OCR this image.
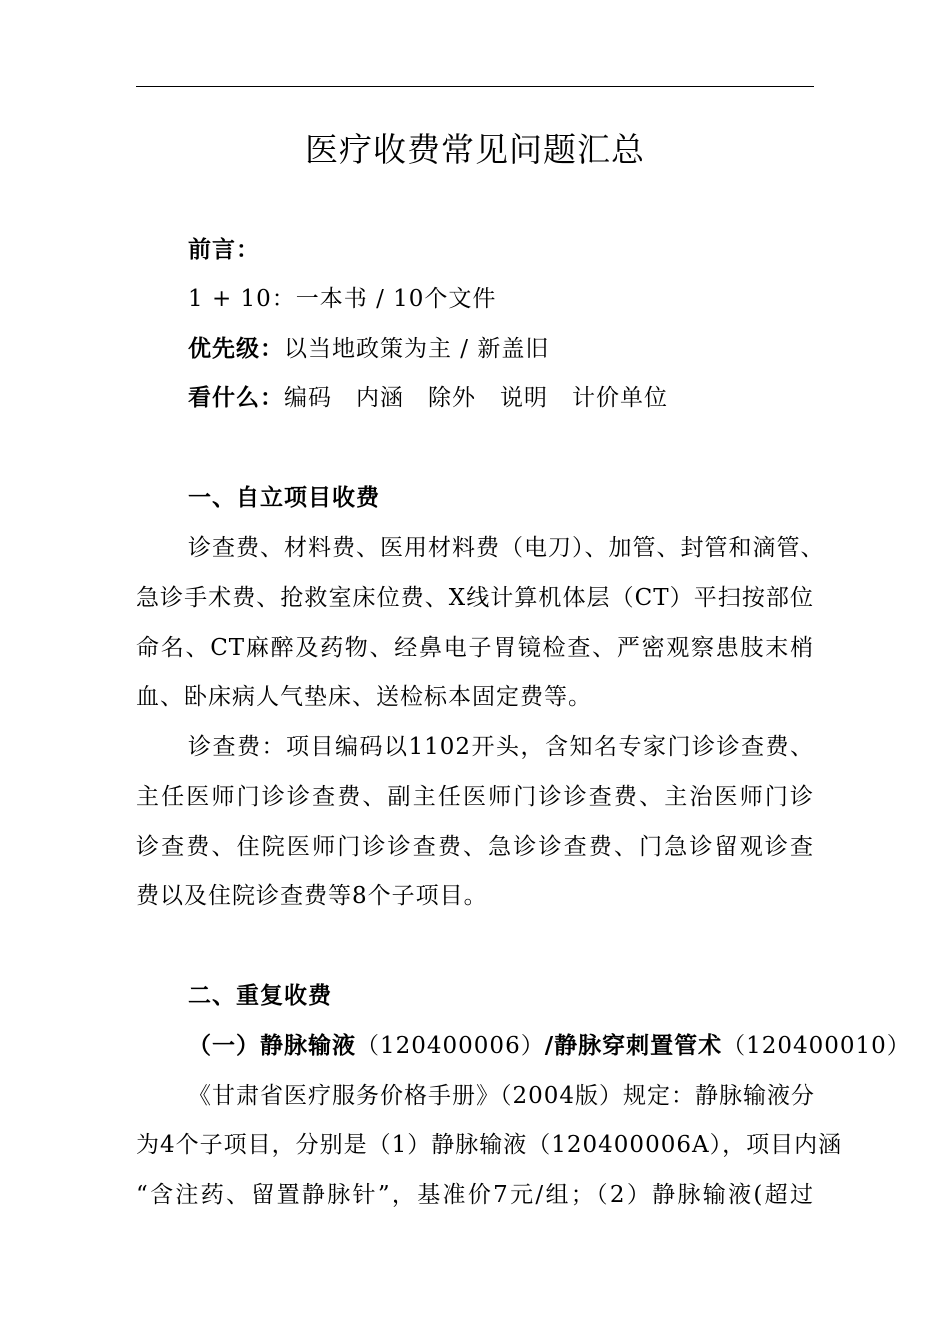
医疗收费常见问题汇总
前言：
1 + 10：一本书 / 10个文件
优先级：以当地政策为主 / 新盖旧
看什么：编码　内涵　除外　说明　计价单位
一、自立项目收费
诊查费、材料费、医用材料费（电刀）、加管、封管和滴管、
急诊手术费、抢救室床位费、X线计算机体层（CT）平扫按部位
命名、CT麻醉及药物、经鼻电子胃镜检查、严密观察患肢末梢
血、卧床病人气垫床、送检标本固定费等。
诊查费：项目编码以1102开头，含知名专家门诊诊查费、
主任医师门诊诊查费、副主任医师门诊诊查费、主治医师门诊
诊查费、住院医师门诊诊查费、急诊诊查费、门急诊留观诊查
费以及住院诊查费等8个子项目。
二、重复收费
（一）静脉输液（120400006）/静脉穿刺置管术（120400010）
《甘肃省医疗服务价格手册》（2004版）规定：静脉输液分
为4个子项目，分别是（1）静脉输液（120400006A），项目内涵
“含注药、留置静脉针”，基准价7元/组；（2）静脉输液(超过
